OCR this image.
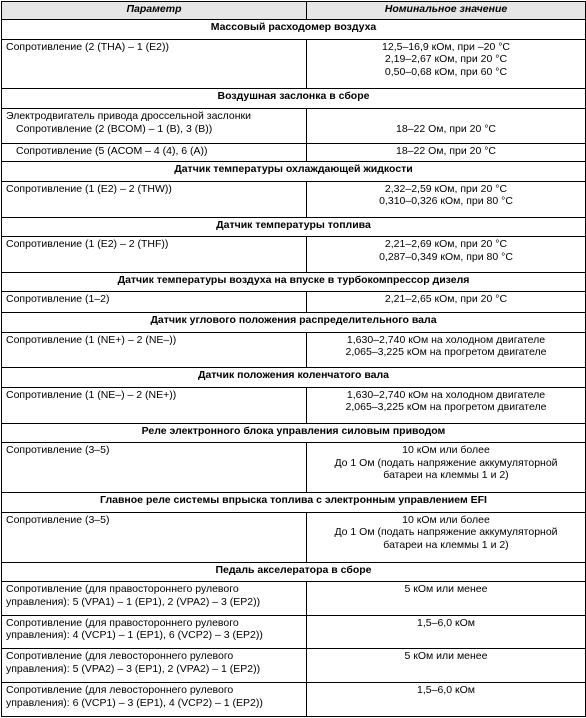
Параметр	Номинальное значение
Массовый расходомер воздуха	

Сопротивление (2 (THA) – 1 (E2))	12,5–16,9 кОм, при –20 °С
2,19–2,67 кОм, при 20 °С
0,50–0,68 кОм, при 60 °С

Воздушная заслонка в сборе	

Электродвигатель привода дроссельной заслонки
Сопротивление (2 (BCOM) – 1 (B), 3 (B))	18–22 Ом, при 20 °С

Сопротивление (5 (ACOM – 4 (4), 6 (A))	18–22 Ом, при 20 °С

Датчик температуры охлаждающей жидкости	

Сопротивление (1 (E2) – 2 (THW))	2,32–2,59 кОм, при 20 °С
0,310–0,326 кОм, при 80 °С

Датчик температуры топлива	

Сопротивление (1 (E2) – 2 (THF))	2,21–2,69 кОм, при 20 °С
0,287–0,349 кОм, при 80 °С

Датчик температуры воздуха на впуске в турбокомпрессор дизеля	

Сопротивление (1–2)	2,21–2,65 кОм, при 20 °С

Датчик углового положения распределительного вала	

Сопротивление (1 (NE+) – 2 (NE–))	1,630–2,740 кОм на холодном двигателе
2,065–3,225 кОм на прогретом двигателе

Датчик положения коленчатого вала	

Сопротивление (1 (NE–) – 2 (NE+))	1,630–2,740 кОм на холодном двигателе
2,065–3,225 кОм на прогретом двигателе

Реле электронного блока управления силовым приводом	

Сопротивление (3–5)	10 кОм или более
До 1 Ом (подать напряжение аккумуляторной
батареи на клеммы 1 и 2)

Главное реле системы впрыска топлива с электронным управлением EFI	

Сопротивление (3–5)	10 кОм или более
До 1 Ом (подать напряжение аккумуляторной
батареи на клеммы 1 и 2)

Педаль акселератора в сборе	

Сопротивление (для правостороннего рулевого
управления): 5 (VPA1) – 1 (EP1), 2 (VPA2) – 3 (EP2))	5 кОм или менее

Сопротивление (для правостороннего рулевого
управления): 4 (VCP1) – 1 (EP1), 6 (VCP2) – 3 (EP2))	1,5–6,0 кОм

Сопротивление (для левостороннего рулевого
управления): 5 (VPA2) – 3 (EP1), 2 (VPA2) – 1 (EP2))	5 кОм или менее

Сопротивление (для левостороннего рулевого
управления): 6 (VCP1) – 3 (EP1), 4 (VCP2) – 1 (EP2))	1,5–6,0 кОм
